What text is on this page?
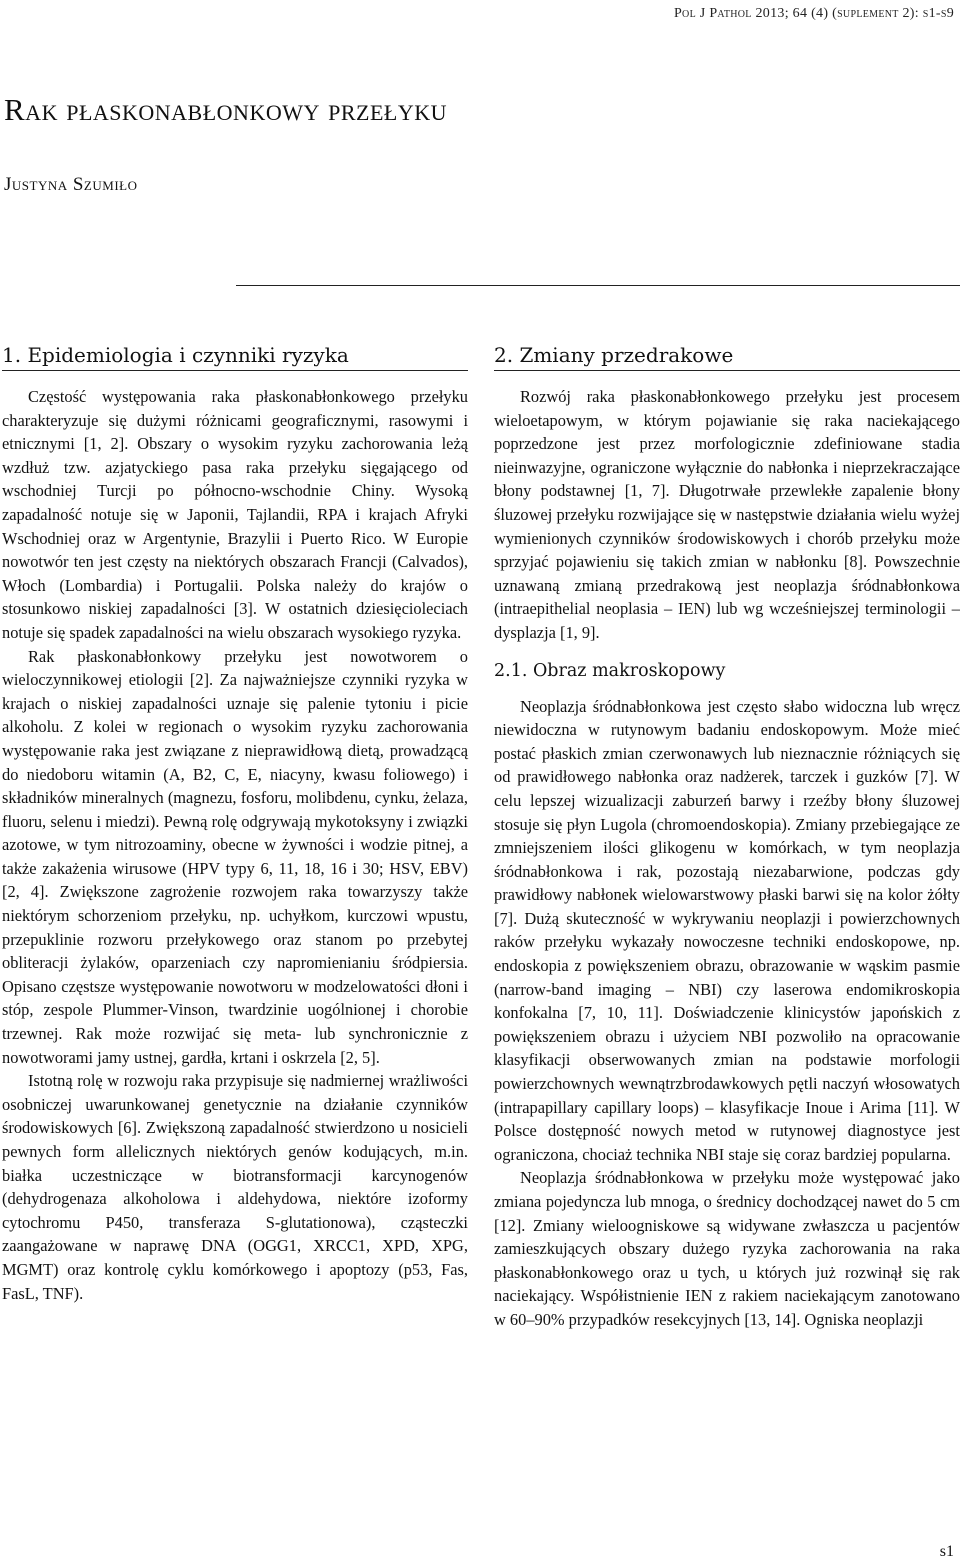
Pol J Pathol 2013; 64 (4) (suplement 2): s1-s9
Rak płaskonabłonkowy przełyku
Justyna Szumiło
1. Epidemiologia i czynniki ryzyka

Częstość występowania raka płaskonabłonkowego przełyku charakteryzuje się dużymi różnicami geograficznymi, rasowymi i etnicznymi [1, 2]. Obszary o wysokim ryzyku zachorowania leżą wzdłuż tzw. azjatyckiego pasa raka przełyku sięgającego od wschodniej Turcji po północno-wschodnie Chiny. Wysoką zapadalność notuje się w Japonii, Tajlandii, RPA i krajach Afryki Wschodniej oraz w Argentynie, Brazylii i Puerto Rico. W Europie nowotwór ten jest częsty na niektórych obszarach Francji (Calvados), Włoch (Lombardia) i Portugalii. Polska należy do krajów o stosunkowo niskiej zapadalności [3]. W ostatnich dziesięcioleciach notuje się spadek zapadalności na wielu obszarach wysokiego ryzyka.

Rak płaskonabłonkowy przełyku jest nowotworem o wieloczynnikowej etiologii [2]. Za najważniejsze czynniki ryzyka w krajach o niskiej zapadalności uznaje się palenie tytoniu i picie alkoholu. Z kolei w regionach o wysokim ryzyku zachorowania występowanie raka jest związane z nieprawidłową dietą, prowadzącą do niedoboru witamin (A, B2, C, E, niacyny, kwasu foliowego) i składników mineralnych (magnezu, fosforu, molibdenu, cynku, żelaza, fluoru, selenu i miedzi). Pewną rolę odgrywają mykotoksyny i związki azotowe, w tym nitrozoaminy, obecne w żywności i wodzie pitnej, a także zakażenia wirusowe (HPV typy 6, 11, 18, 16 i 30; HSV, EBV) [2, 4]. Zwiększone zagrożenie rozwojem raka towarzyszy także niektórym schorzeniom przełyku, np. uchyłkom, kurczowi wpustu, przepuklinie rozworu przełykowego oraz stanom po przebytej obliteracji żylaków, oparzeniach czy napromienianiu śródpiersia. Opisano częstsze występowanie nowotworu w modzelowatości dłoni i stóp, zespole Plummer-Vinson, twardzinie uogólnionej i chorobie trzewnej. Rak może rozwijać się meta- lub synchronicznie z nowotworami jamy ustnej, gardła, krtani i oskrzela [2, 5].

Istotną rolę w rozwoju raka przypisuje się nadmiernej wrażliwości osobniczej uwarunkowanej genetycznie na działanie czynników środowiskowych [6]. Zwiększoną zapadalność stwierdzono u nosicieli pewnych form allelicznych niektórych genów kodujących, m.in. białka uczestniczące w biotransformacji karcynogenów (dehydrogenaza alkoholowa i aldehydowa, niektóre izoformy cytochromu P450, transferaza S-glutationowa), cząsteczki zaangażowane w naprawę DNA (OGG1, XRCC1, XPD, XPG, MGMT) oraz kontrolę cyklu komórkowego i apoptozy (p53, Fas, FasL, TNF).

2. Zmiany przedrakowe

Rozwój raka płaskonabłonkowego przełyku jest procesem wieloetapowym, w którym pojawianie się raka naciekającego poprzedzone jest przez morfologicznie zdefiniowane stadia nieinwazyjne, ograniczone wyłącznie do nabłonka i nieprzekraczające błony podstawnej [1, 7]. Długotrwałe przewlekłe zapalenie błony śluzowej przełyku rozwijające się w następstwie działania wielu wyżej wymienionych czynników środowiskowych i chorób przełyku może sprzyjać pojawieniu się takich zmian w nabłonku [8]. Powszechnie uznawaną zmianą przedrakową jest neoplazja śródnabłonkowa (intraepithelial neoplasia – IEN) lub wg wcześniejszej terminologii – dysplazja [1, 9].

2.1. Obraz makroskopowy

Neoplazja śródnabłonkowa jest często słabo widoczna lub wręcz niewidoczna w rutynowym badaniu endoskopowym. Może mieć postać płaskich zmian czerwonawych lub nieznacznie różniących się od prawidłowego nabłonka oraz nadżerek, tarczek i guzków [7]. W celu lepszej wizualizacji zaburzeń barwy i rzeźby błony śluzowej stosuje się płyn Lugola (chromoendoskopia). Zmiany przebiegające ze zmniejszeniem ilości glikogenu w komórkach, w tym neoplazja śródnabłonkowa i rak, pozostają niezabarwione, podczas gdy prawidłowy nabłonek wielowarstwowy płaski barwi się na kolor żółty [7]. Dużą skuteczność w wykrywaniu neoplazji i powierzchownych raków przełyku wykazały nowoczesne techniki endoskopowe, np. endoskopia z powiększeniem obrazu, obrazowanie w wąskim pasmie (narrow-band imaging – NBI) czy laserowa endomikroskopia konfokalna [7, 10, 11]. Doświadczenie klinicystów japońskich z powiększeniem obrazu i użyciem NBI pozwoliło na opracowanie klasyfikacji obserwowanych zmian na podstawie morfologii powierzchownych wewnątrzbrodawkowych pętli naczyń włosowatych (intrapapillary capillary loops) – klasyfikacje Inoue i Arima [11]. W Polsce dostępność nowych metod w rutynowej diagnostyce jest ograniczona, chociaż technika NBI staje się coraz bardziej popularna.

Neoplazja śródnabłonkowa w przełyku może występować jako zmiana pojedyncza lub mnoga, o średnicy dochodzącej nawet do 5 cm [12]. Zmiany wieloogniskowe są widywane zwłaszcza u pacjentów zamieszkujących obszary dużego ryzyka zachorowania na raka płaskonabłonkowego oraz u tych, u których już rozwinął się rak naciekający. Współistnienie IEN z rakiem naciekającym zanotowano w 60–90% przypadków resekcyjnych [13, 14]. Ogniska neoplazji

s1
